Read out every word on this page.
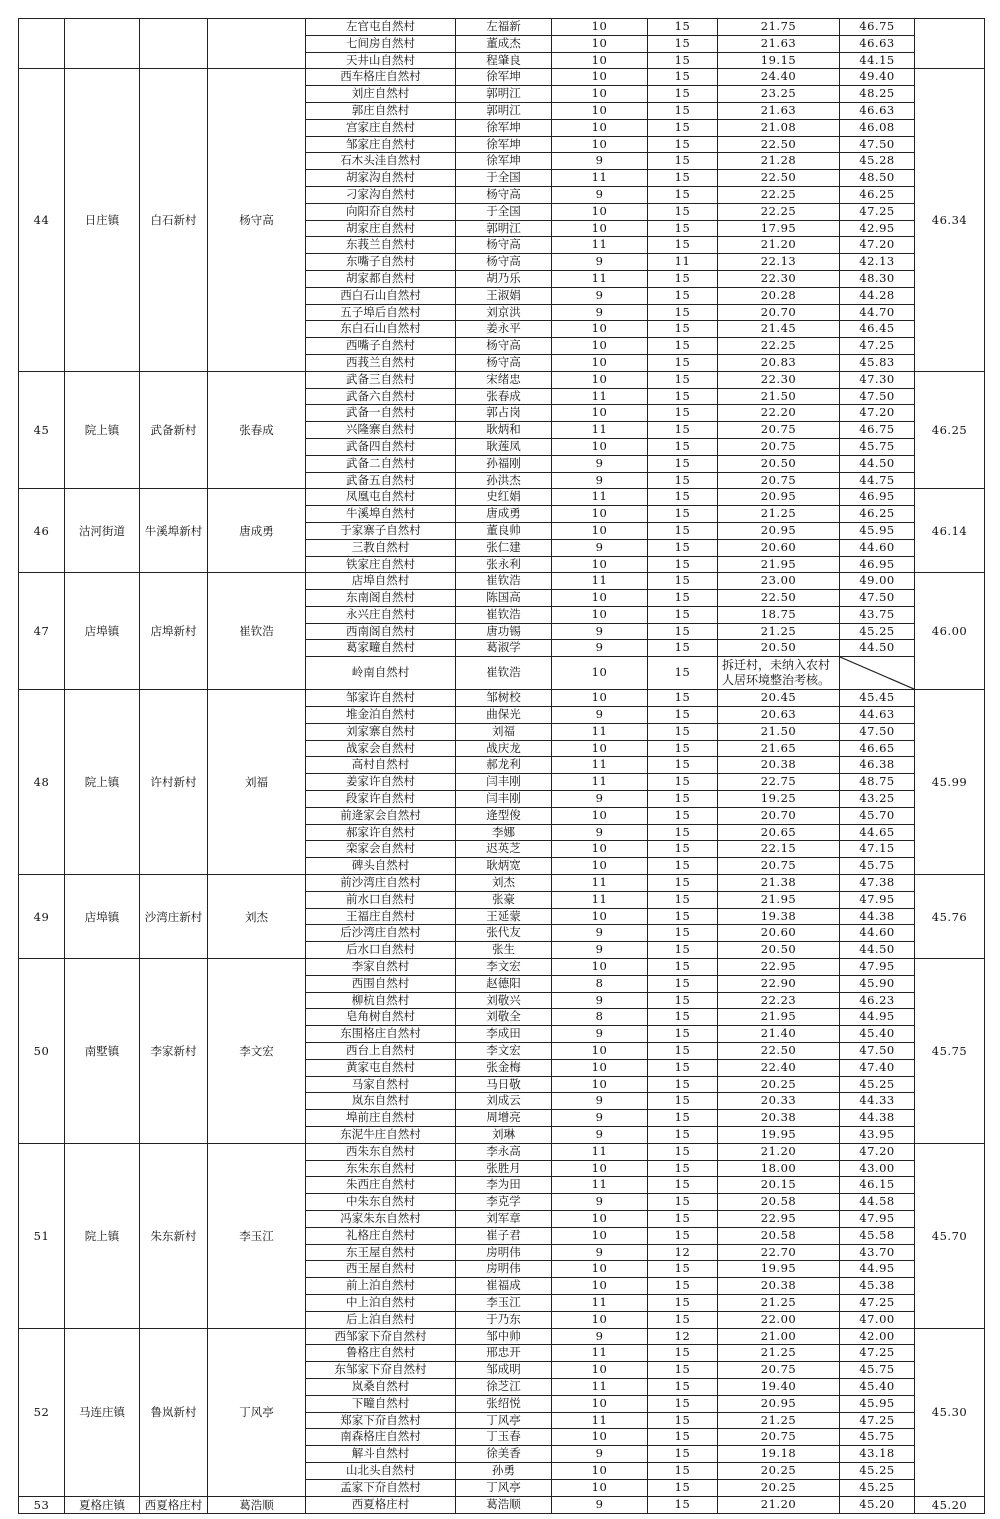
				左官屯自然村	左福新	10	15	21.75	46.75	
				七间房自然村	董成杰	10	15	21.63	46.63	
				天井山自然村	程肇良	10	15	19.15	44.15	
44	日庄镇	白石新村	杨守高	西车格庄自然村	徐军坤	10	15	24.40	49.40	46.34
				刘庄自然村	郭明江	10	15	23.25	48.25	
				郭庄自然村	郭明江	10	15	21.63	46.63	
				宫家庄自然村	徐军坤	10	15	21.08	46.08	
				邹家庄自然村	徐军坤	10	15	22.50	47.50	
				石木头洼自然村	徐军坤	9	15	21.28	45.28	
				胡家沟自然村	于全国	11	15	22.50	48.50	
				刁家沟自然村	杨守高	9	15	22.25	46.25	
				向阳夼自然村	于全国	10	15	22.25	47.25	
				胡家庄自然村	郭明江	10	15	17.95	42.95	
				东莪兰自然村	杨守高	11	15	21.20	47.20	
				东嘴子自然村	杨守高	9	11	22.13	42.13	
				胡家都自然村	胡乃乐	11	15	22.30	48.30	
				西白石山自然村	王淑娟	9	15	20.28	44.28	
				五子埠后自然村	刘京洪	9	15	20.70	44.70	
				东白石山自然村	姜永平	10	15	21.45	46.45	
				西嘴子自然村	杨守高	10	15	22.25	47.25	
				西莪兰自然村	杨守高	10	15	20.83	45.83	
45	院上镇	武备新村	张春成	武备三自然村	宋绪忠	10	15	22.30	47.30	46.25
				武备六自然村	张春成	11	15	21.50	47.50	
				武备一自然村	郭占岗	10	15	22.20	47.20	
				兴隆寨自然村	耿炳和	11	15	20.75	46.75	
				武备四自然村	耿莲凤	10	15	20.75	45.75	
				武备二自然村	孙福刚	9	15	20.50	44.50	
				武备五自然村	孙洪杰	9	15	20.75	44.75	
46	沽河街道	牛溪埠新村	唐成勇	凤凰屯自然村	史红娟	11	15	20.95	46.95	46.14
				牛溪埠自然村	唐成勇	10	15	21.25	46.25	
				于家寨子自然村	董良帅	10	15	20.95	45.95	
				三教自然村	张仁建	9	15	20.60	44.60	
				铁家庄自然村	张永利	10	15	21.95	46.95	
47	店埠镇	店埠新村	崔钦浩	店埠自然村	崔钦浩	11	15	23.00	49.00	46.00
				东南阁自然村	陈国高	10	15	22.50	47.50	
				永兴庄自然村	崔钦浩	10	15	18.75	43.75	
				西南阁自然村	唐功锡	9	15	21.25	45.25	
				葛家疃自然村	葛淑学	9	15	20.50	44.50	
				岭南自然村	崔钦浩	10	15	拆迁村，未纳入农村人居环境整治考核。	

48	院上镇	许村新村	刘福	邹家许自然村	邹树校	10	15	20.45	45.45	45.99
				堆金泊自然村	曲保光	9	15	20.63	44.63	
				刘家寨自然村	刘福	11	15	21.50	47.50	
				战家会自然村	战庆龙	10	15	21.65	46.65	
				高村自然村	郝龙利	11	15	20.38	46.38	
				姜家许自然村	闫丰刚	11	15	22.75	48.75	
				段家许自然村	闫丰刚	9	15	19.25	43.25	
				前逄家会自然村	逄型俊	10	15	20.70	45.70	
				郝家许自然村	李娜	9	15	20.65	44.65	
				栾家会自然村	迟英芝	10	15	22.15	47.15	
				碑头自然村	耿炳宽	10	15	20.75	45.75	
49	店埠镇	沙湾庄新村	刘杰	前沙湾庄自然村	刘杰	11	15	21.38	47.38	45.76
				前水口自然村	张豪	11	15	21.95	47.95	
				王福庄自然村	王延蒙	10	15	19.38	44.38	
				后沙湾庄自然村	张代友	9	15	20.60	44.60	
				后水口自然村	张生	9	15	20.50	44.50	
50	南墅镇	李家新村	李文宏	李家自然村	李文宏	10	15	22.95	47.95	45.75
				西围自然村	赵德阳	8	15	22.90	45.90	
				柳杭自然村	刘敬兴	9	15	22.23	46.23	
				皂角树自然村	刘敬全	8	15	21.95	44.95	
				东围格庄自然村	李成田	9	15	21.40	45.40	
				西台上自然村	李文宏	10	15	22.50	47.50	
				黄家屯自然村	张金梅	10	15	22.40	47.40	
				马家自然村	马日敬	10	15	20.25	45.25	
				岚东自然村	刘成云	9	15	20.33	44.33	
				埠前庄自然村	周增亮	9	15	20.38	44.38	
				东泥牛庄自然村	刘琳	9	15	19.95	43.95	
51	院上镇	朱东新村	李玉江	西朱东自然村	李永高	11	15	21.20	47.20	45.70
				东朱东自然村	张胜月	10	15	18.00	43.00	
				朱西庄自然村	李为田	11	15	20.15	46.15	
				中朱东自然村	李克学	9	15	20.58	44.58	
				冯家朱东自然村	刘军章	10	15	22.95	47.95	
				礼格庄自然村	崔子君	10	15	20.58	45.58	
				东王屋自然村	房明伟	9	12	22.70	43.70	
				西王屋自然村	房明伟	10	15	19.95	44.95	
				前上泊自然村	崔福成	10	15	20.38	45.38	
				中上泊自然村	李玉江	11	15	21.25	47.25	
				后上泊自然村	于乃东	10	15	22.00	47.00	
52	马连庄镇	鲁岚新村	丁风亭	西邹家下夼自然村	邹中帅	9	12	21.00	42.00	45.30
				鲁格庄自然村	邢忠开	11	15	21.25	47.25	
				东邹家下夼自然村	邹成明	10	15	20.75	45.75	
				岚桑自然村	徐芝江	11	15	19.40	45.40	
				下疃自然村	张绍悦	10	15	20.95	45.95	
				郑家下夼自然村	丁风亭	11	15	21.25	47.25	
				南森格庄自然村	丁玉春	10	15	20.75	45.75	
				解斗自然村	徐美香	9	15	19.18	43.18	
				山北头自然村	孙勇	10	15	20.25	45.25	
				孟家下夼自然村	丁风亭	10	15	20.25	45.25	
53	夏格庄镇	西夏格庄村	葛浩顺	西夏格庄村	葛浩顺	9	15	21.20	45.20	45.20
